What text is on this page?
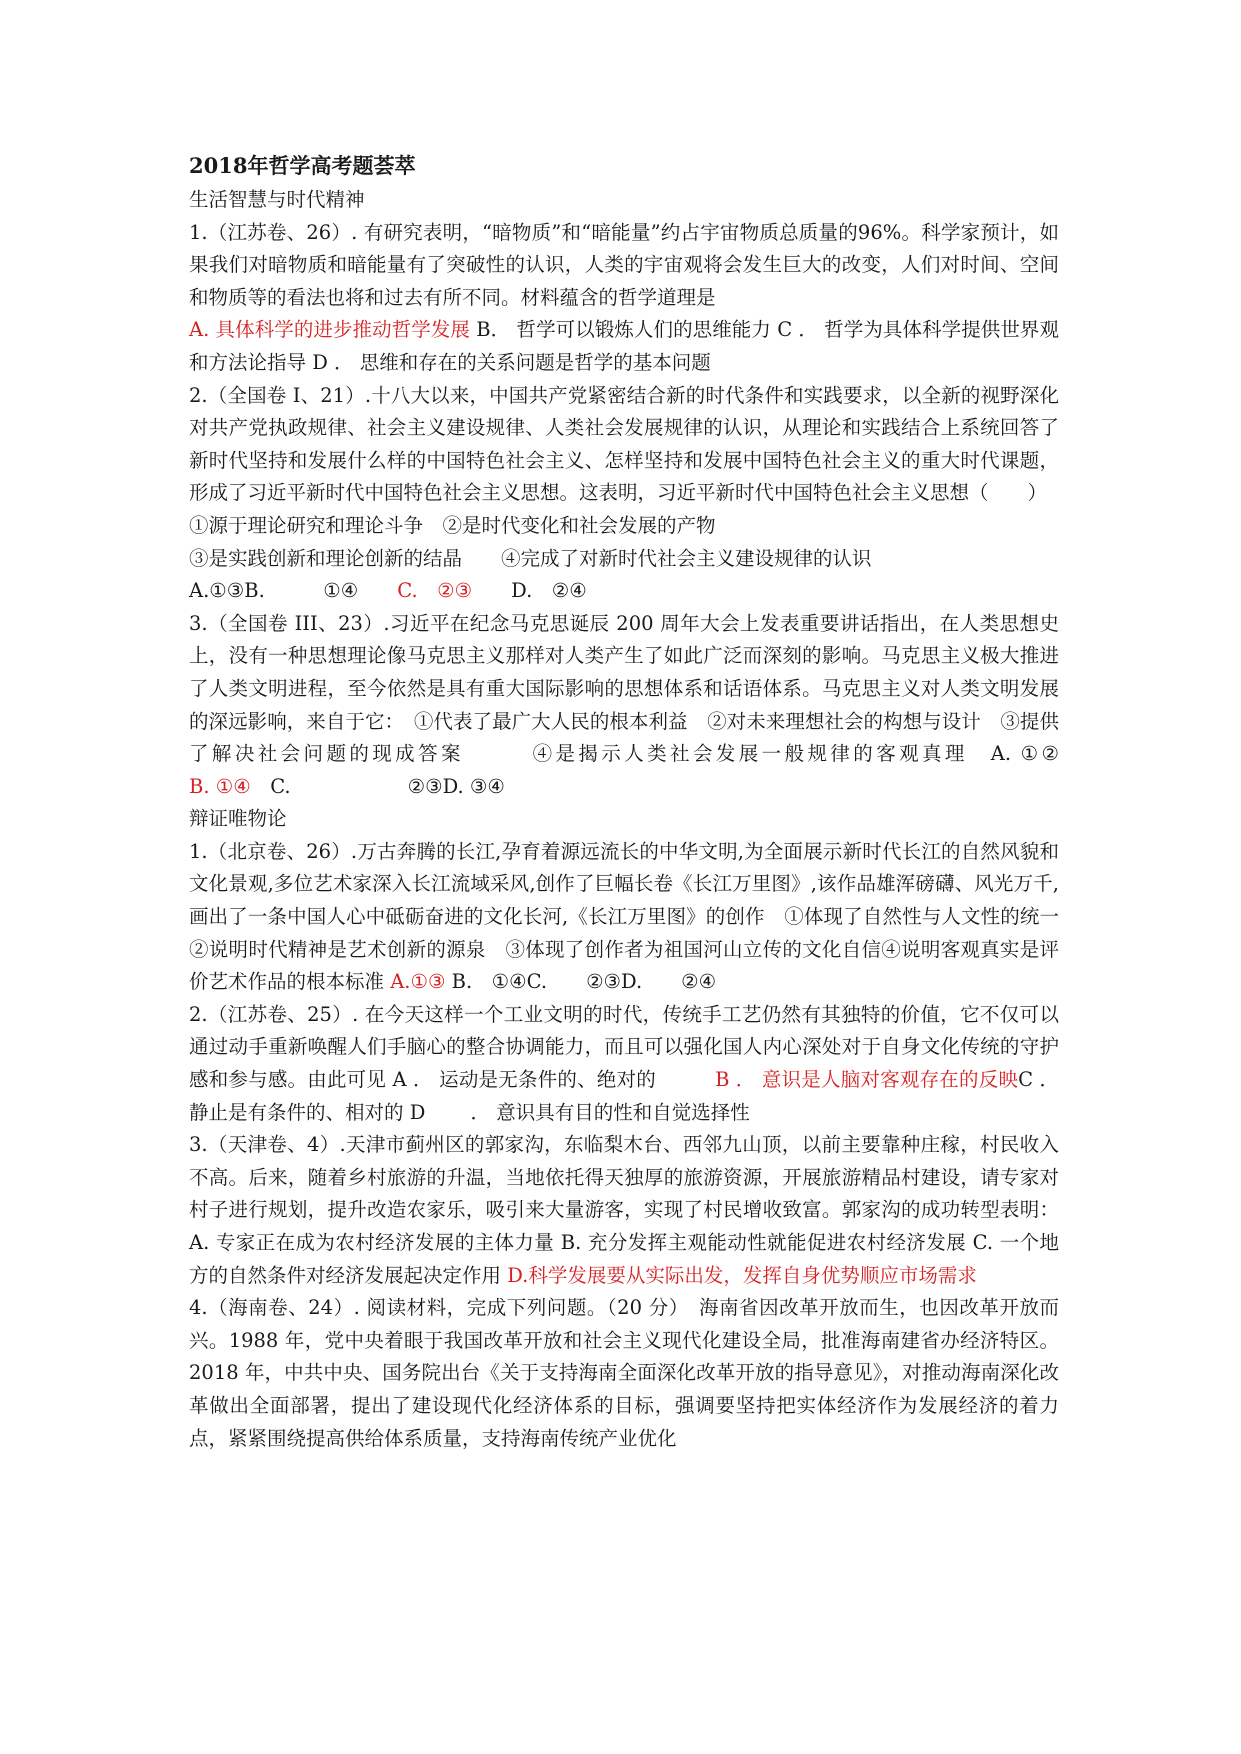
2018年哲学高考题荟萃

生活智慧与时代精神

1.（江苏卷、26）. 有研究表明，“暗物质”和“暗能量”约占宇宙物质总质量的96%。科学家预计，如果我们对暗物质和暗能量有了突破性的认识，人类的宇宙观将会发生巨大的改变，人们对时间、空间和物质等的看法也将和过去有所不同。材料蕴含的哲学道理是
A. 具体科学的进步推动哲学发展 B． 哲学可以锻炼人们的思维能力 C ． 哲学为具体科学提供世界观和方法论指导 D ． 思维和存在的关系问题是哲学的基本问题

2.（全国卷 I、21）.十八大以来，中国共产党紧密结合新的时代条件和实践要求，以全新的视野深化对共产党执政规律、社会主义建设规律、人类社会发展规律的认识，从理论和实践结合上系统回答了新时代坚持和发展什么样的中国特色社会主义、怎样坚持和发展中国特色社会主义的重大时代课题，形成了习近平新时代中国特色社会主义思想。这表明，习近平新时代中国特色社会主义思想（　　）

①源于理论研究和理论斗争　②是时代变化和社会发展的产物

③是实践创新和理论创新的结晶　　④完成了对新时代社会主义建设规律的认识

A.①③B.　　　①④　　C.　②③　　D.　②④

3.（全国卷 III、23）.习近平在纪念马克思诞辰 200 周年大会上发表重要讲话指出，在人类思想史上，没有一种思想理论像马克思主义那样对人类产生了如此广泛而深刻的影响。马克思主义极大推进了人类文明进程，至今依然是具有重大国际影响的思想体系和话语体系。马克思主义对人类文明发展的深远影响，来自于它：　①代表了最广大人民的根本利益　②对未来理想社会的构想与设计　③提供了解决社会问题的现成答案　　　④是揭示人类社会发展一般规律的客观真理　A. ①②　　　　　　B. ①④　C.　　　　　　②③D. ③④

辩证唯物论

1.（北京卷、26）.万古奔腾的长江,孕育着源远流长的中华文明,为全面展示新时代长江的自然风貌和文化景观,多位艺术家深入长江流域采风,创作了巨幅长卷《长江万里图》,该作品雄浑磅礴、风光万千,画出了一条中国人心中砥砺奋进的文化长河,《长江万里图》的创作　①体现了自然性与人文性的统一 ②说明时代精神是艺术创新的源泉　③体现了创作者为祖国河山立传的文化自信④说明客观真实是评价艺术作品的根本标准 A.①③ B.　①④C.　　②③D.　　②④

2.（江苏卷、25）. 在今天这样一个工业文明的时代，传统手工艺仍然有其独特的价值，它不仅可以通过动手重新唤醒人们手脑心的整合协调能力，而且可以强化国人内心深处对于自身文化传统的守护感和参与感。由此可见 A ． 运动是无条件的、绝对的　　　B ． 意识是人脑对客观存在的反映C ． 静止是有条件的、相对的 D　　 ． 意识具有目的性和自觉选择性

3.（天津卷、4）.天津市蓟州区的郭家沟，东临梨木台、西邻九山顶，以前主要靠种庄稼，村民收入不高。后来，随着乡村旅游的升温，当地依托得天独厚的旅游资源，开展旅游精品村建设，请专家对村子进行规划，提升改造农家乐，吸引来大量游客，实现了村民增收致富。郭家沟的成功转型表明： A. 专家正在成为农村经济发展的主体力量 B. 充分发挥主观能动性就能促进农村经济发展 C. 一个地方的自然条件对经济发展起决定作用 D.科学发展要从实际出发，发挥自身优势顺应市场需求

4.（海南卷、24）. 阅读材料，完成下列问题。（20 分）　海南省因改革开放而生，也因改革开放而兴。1988 年，党中央着眼于我国改革开放和社会主义现代化建设全局，批准海南建省办经济特区。2018 年，中共中央、国务院出台《关于支持海南全面深化改革开放的指导意见》，对推动海南深化改革做出全面部署，提出了建设现代化经济体系的目标，强调要坚持把实体经济作为发展经济的着力点，紧紧围绕提高供给体系质量，支持海南传统产业优化
